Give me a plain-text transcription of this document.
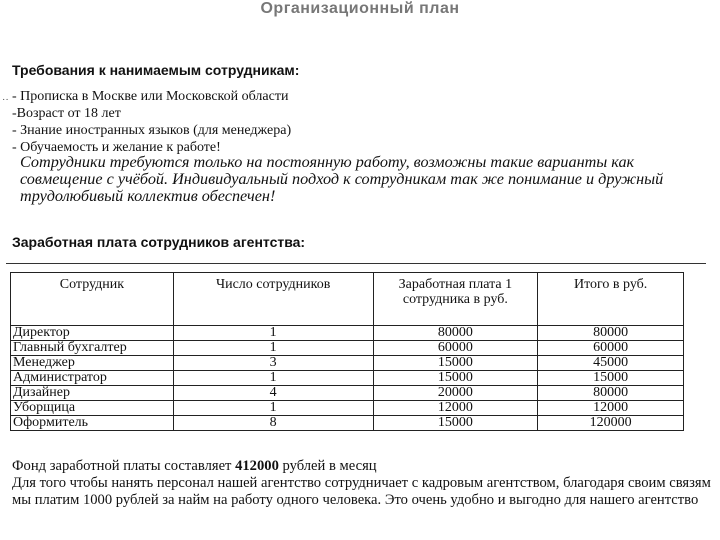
Организационный план
Требования к нанимаемым сотрудникам:
˙˙ - Прописка в Москве или Московской области
-Возраст от 18 лет
- Знание иностранных языков (для менеджера)
- Обучаемость и желание к работе!
Сотрудники требуются только на постоянную работу, возможны такие варианты как совмещение с учёбой. Индивидуальный подход к сотрудникам так же понимание и дружный трудолюбивый коллектив обеспечен!
Заработная плата сотрудников агентства:
Сотрудник	Число сотрудников	Заработная плата 1 сотрудника в руб.	Итого в руб.
Директор	1	80000	80000
Главный бухгалтер	1	60000	60000
Менеджер	3	15000	45000
Администратор	1	15000	15000
Дизайнер	4	20000	80000
Уборщица	1	12000	12000
Оформитель	8	15000	120000
Фонд заработной платы составляет 412000 рублей в месяц
Для того чтобы нанять персонал нашей агентство сотрудничает с кадровым агентством, благодаря своим связям мы платим 1000 рублей за найм на работу одного человека. Это очень удобно и выгодно для нашего агентство
